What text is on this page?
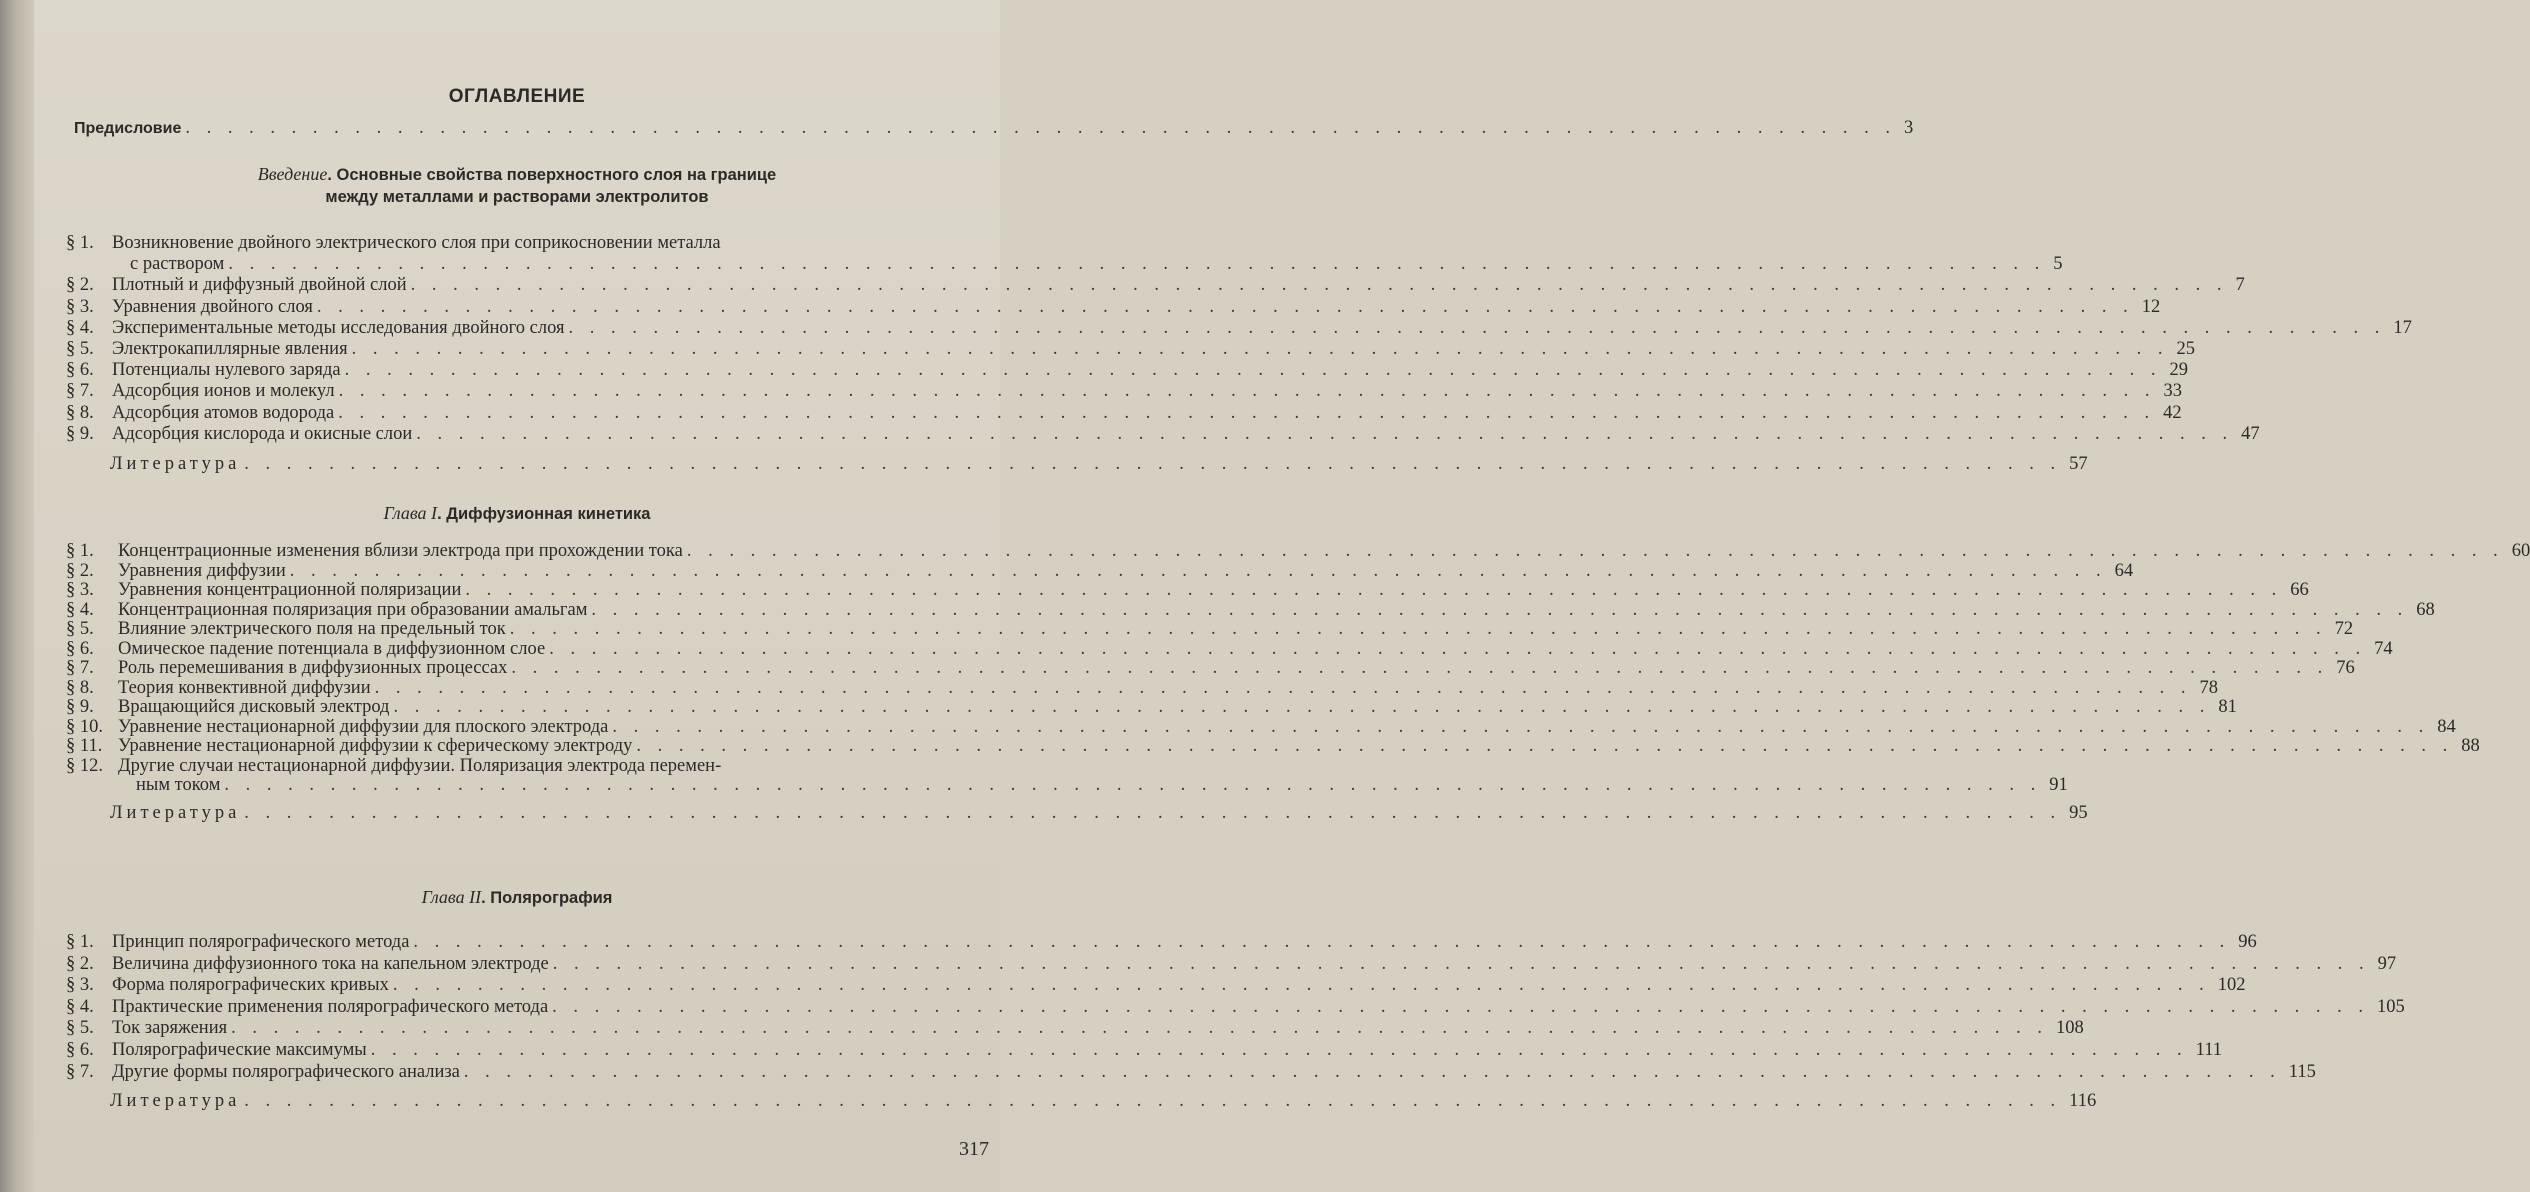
ОГЛАВЛЕНИЕ
Предисловие . . . . . . . . . . . . . . . . . . . . . . . . . . . . . . . . . . . . . . . . . . . . . . . . . . . . . . . . . . . . . . . . . . . . . . . . . . . . . . . . . 3
Введение. Основные свойства поверхностного слоя на границе
между металлами и растворами электролитов
Глава I. Диффузионная кинетика
Глава II. Полярография
317
§ 1. Возникновение двойного электрического слоя при соприкосновении металла
с раствором . . . . . . . . . . . . . . . . . . . . . . . . . . . . . . . . . . . . . . . . . . . . . . . . . . . . . . . . . . . . . . . . . . . . . . . . . . . . . . . . . . . . . . 5
§ 2. Плотный и диффузный двойной слой . . . . . . . . . . . . . . . . . . . . . . . . . . . . . . . . . . . . . . . . . . . . . . . . . . . . . . . . . . . . . . . . . . . . . . . . . . . . . . . . . . . . . . 7
§ 3. Уравнения двойного слоя . . . . . . . . . . . . . . . . . . . . . . . . . . . . . . . . . . . . . . . . . . . . . . . . . . . . . . . . . . . . . . . . . . . . . . . . . . . . . . . . . . . . . . 12
§ 4. Экспериментальные методы исследования двойного слоя . . . . . . . . . . . . . . . . . . . . . . . . . . . . . . . . . . . . . . . . . . . . . . . . . . . . . . . . . . . . . . . . . . . . . . . . . . . . . . . . . . . . . . 17
§ 5. Электрокапиллярные явления . . . . . . . . . . . . . . . . . . . . . . . . . . . . . . . . . . . . . . . . . . . . . . . . . . . . . . . . . . . . . . . . . . . . . . . . . . . . . . . . . . . . . . 25
§ 6. Потенциалы нулевого заряда . . . . . . . . . . . . . . . . . . . . . . . . . . . . . . . . . . . . . . . . . . . . . . . . . . . . . . . . . . . . . . . . . . . . . . . . . . . . . . . . . . . . . . 29
§ 7. Адсорбция ионов и молекул . . . . . . . . . . . . . . . . . . . . . . . . . . . . . . . . . . . . . . . . . . . . . . . . . . . . . . . . . . . . . . . . . . . . . . . . . . . . . . . . . . . . . . 33
§ 8. Адсорбция атомов водорода . . . . . . . . . . . . . . . . . . . . . . . . . . . . . . . . . . . . . . . . . . . . . . . . . . . . . . . . . . . . . . . . . . . . . . . . . . . . . . . . . . . . . . 42
§ 9. Адсорбция кислорода и окисные слои . . . . . . . . . . . . . . . . . . . . . . . . . . . . . . . . . . . . . . . . . . . . . . . . . . . . . . . . . . . . . . . . . . . . . . . . . . . . . . . . . . . . . . 47
Литература . . . . . . . . . . . . . . . . . . . . . . . . . . . . . . . . . . . . . . . . . . . . . . . . . . . . . . . . . . . . . . . . . . . . . . . . . . . . . . . . . . . . . . 57
§ 1.	Концентрационные изменения вблизи электрода при прохождении тока . . . . . . . . . . . . . . . . . . . . . . . . . . . . . . . . . . . . . . . . . . . . . . . . . . . . . . . . . . . . . . . . . . . . . . . . . . . . . . . . . . . . . . 60
§ 2.	Уравнения диффузии . . . . . . . . . . . . . . . . . . . . . . . . . . . . . . . . . . . . . . . . . . . . . . . . . . . . . . . . . . . . . . . . . . . . . . . . . . . . . . . . . . . . . . 64
§ 3.	Уравнения концентрационной поляризации . . . . . . . . . . . . . . . . . . . . . . . . . . . . . . . . . . . . . . . . . . . . . . . . . . . . . . . . . . . . . . . . . . . . . . . . . . . . . . . . . . . . . . 66
§ 4.	Концентрационная поляризация при образовании амальгам . . . . . . . . . . . . . . . . . . . . . . . . . . . . . . . . . . . . . . . . . . . . . . . . . . . . . . . . . . . . . . . . . . . . . . . . . . . . . . . . . . . . . . 68
§ 5.	Влияние электрического поля на предельный ток . . . . . . . . . . . . . . . . . . . . . . . . . . . . . . . . . . . . . . . . . . . . . . . . . . . . . . . . . . . . . . . . . . . . . . . . . . . . . . . . . . . . . . 72
§ 6.	Омическое падение потенциала в диффузионном слое . . . . . . . . . . . . . . . . . . . . . . . . . . . . . . . . . . . . . . . . . . . . . . . . . . . . . . . . . . . . . . . . . . . . . . . . . . . . . . . . . . . . . . 74
§ 7.	Роль перемешивания в диффузионных процессах . . . . . . . . . . . . . . . . . . . . . . . . . . . . . . . . . . . . . . . . . . . . . . . . . . . . . . . . . . . . . . . . . . . . . . . . . . . . . . . . . . . . . . 76
§ 8.	Теория конвективной диффузии . . . . . . . . . . . . . . . . . . . . . . . . . . . . . . . . . . . . . . . . . . . . . . . . . . . . . . . . . . . . . . . . . . . . . . . . . . . . . . . . . . . . . . 78
§ 9.	Вращающийся дисковый электрод . . . . . . . . . . . . . . . . . . . . . . . . . . . . . . . . . . . . . . . . . . . . . . . . . . . . . . . . . . . . . . . . . . . . . . . . . . . . . . . . . . . . . . 81
§ 10. Уравнение нестационарной диффузии для плоского электрода . . . . . . . . . . . . . . . . . . . . . . . . . . . . . . . . . . . . . . . . . . . . . . . . . . . . . . . . . . . . . . . . . . . . . . . . . . . . . . . . . . . . . . 84
§ 11. Уравнение нестационарной диффузии к сферическому электроду . . . . . . . . . . . . . . . . . . . . . . . . . . . . . . . . . . . . . . . . . . . . . . . . . . . . . . . . . . . . . . . . . . . . . . . . . . . . . . . . . . . . . . 88
§ 12. Другие случаи нестационарной диффузии. Поляризация электрода перемен-
ным током . . . . . . . . . . . . . . . . . . . . . . . . . . . . . . . . . . . . . . . . . . . . . . . . . . . . . . . . . . . . . . . . . . . . . . . . . . . . . . . . . . . . . . 91
Литература . . . . . . . . . . . . . . . . . . . . . . . . . . . . . . . . . . . . . . . . . . . . . . . . . . . . . . . . . . . . . . . . . . . . . . . . . . . . . . . . . . . . . . 95
§ 1. Принцип полярографического метода . . . . . . . . . . . . . . . . . . . . . . . . . . . . . . . . . . . . . . . . . . . . . . . . . . . . . . . . . . . . . . . . . . . . . . . . . . . . . . . . . . . . . . 96
§ 2. Величина диффузионного тока на капельном электроде . . . . . . . . . . . . . . . . . . . . . . . . . . . . . . . . . . . . . . . . . . . . . . . . . . . . . . . . . . . . . . . . . . . . . . . . . . . . . . . . . . . . . . 97
§ 3. Форма полярографических кривых . . . . . . . . . . . . . . . . . . . . . . . . . . . . . . . . . . . . . . . . . . . . . . . . . . . . . . . . . . . . . . . . . . . . . . . . . . . . . . . . . . . . . . 102
§ 4. Практические применения полярографического метода . . . . . . . . . . . . . . . . . . . . . . . . . . . . . . . . . . . . . . . . . . . . . . . . . . . . . . . . . . . . . . . . . . . . . . . . . . . . . . . . . . . . . . 105
§ 5. Ток заряжения . . . . . . . . . . . . . . . . . . . . . . . . . . . . . . . . . . . . . . . . . . . . . . . . . . . . . . . . . . . . . . . . . . . . . . . . . . . . . . . . . . . . . . 108
§ 6. Полярографические максимумы . . . . . . . . . . . . . . . . . . . . . . . . . . . . . . . . . . . . . . . . . . . . . . . . . . . . . . . . . . . . . . . . . . . . . . . . . . . . . . . . . . . . . . 111
§ 7. Другие формы полярографического анализа . . . . . . . . . . . . . . . . . . . . . . . . . . . . . . . . . . . . . . . . . . . . . . . . . . . . . . . . . . . . . . . . . . . . . . . . . . . . . . . . . . . . . . 115
Литература . . . . . . . . . . . . . . . . . . . . . . . . . . . . . . . . . . . . . . . . . . . . . . . . . . . . . . . . . . . . . . . . . . . . . . . . . . . . . . . . . . . . . . 116
